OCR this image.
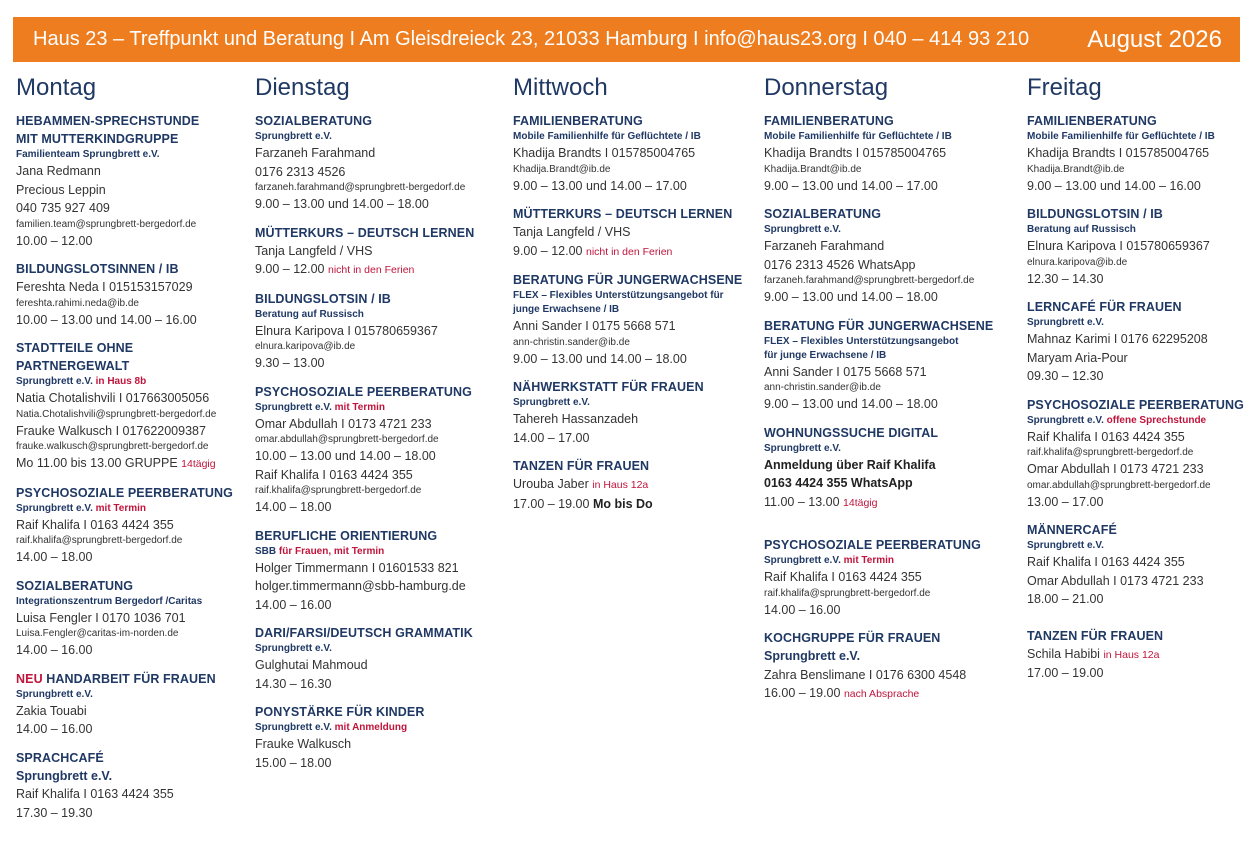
Haus 23 – Treffpunkt und Beratung I Am Gleisdreieck 23, 21033 Hamburg I info@haus23.org I 040 – 414 93 210 August 2026
Montag
HEBAMMEN-SPRECHSTUNDE
MIT MUTTERKINDGRUPPE
Familienteam Sprungbrett e.V.
Jana Redmann
Precious Leppin
040 735 927 409
familien.team@sprungbrett-bergedorf.de
10.00 – 12.00
BILDUNGSLOTSINNEN / IB
Fereshta Neda I 015153157029
fereshta.rahimi.neda@ib.de
10.00 – 13.00 und 14.00 – 16.00
STADTTEILE OHNE PARTNERGEWALT
Sprungbrett e.V. in Haus 8b
Natia Chotalishvili I 017663005056
Natia.Chotalishvili@sprungbrett-bergedorf.de
Frauke Walkusch I 017622009387
frauke.walkusch@sprungbrett-bergedorf.de
Mo 11.00 bis 13.00 GRUPPE 14tägig
PSYCHOSOZIALE PEERBERATUNG
Sprungbrett e.V. mit Termin
Raif Khalifa I 0163 4424 355
raif.khalifa@sprungbrett-bergedorf.de
14.00 – 18.00
SOZIALBERATUNG
Integrationszentrum Bergedorf /Caritas
Luisa Fengler I 0170 1036 701
Luisa.Fengler@caritas-im-norden.de
14.00 – 16.00
NEU HANDARBEIT FÜR FRAUEN
Sprungbrett e.V.
Zakia Touabi
14.00 – 16.00
SPRACHCAFÉ
Sprungbrett e.V.
Raif Khalifa I 0163 4424 355
17.30 – 19.30
Dienstag
SOZIALBERATUNG
Sprungbrett e.V.
Farzaneh Farahmand
0176 2313 4526
farzaneh.farahmand@sprungbrett-bergedorf.de
9.00 – 13.00 und 14.00 – 18.00
MÜTTERKURS – DEUTSCH LERNEN
Tanja Langfeld / VHS
9.00 – 12.00 nicht in den Ferien
BILDUNGSLOTSIN / IB
Beratung auf Russisch
Elnura Karipova I 015780659367
elnura.karipova@ib.de
9.30 – 13.00
PSYCHOSOZIALE PEERBERATUNG
Sprungbrett e.V. mit Termin
Omar Abdullah I 0173 4721 233
omar.abdullah@sprungbrett-bergedorf.de
10.00 – 13.00 und 14.00 – 18.00
Raif Khalifa I 0163 4424 355
raif.khalifa@sprungbrett-bergedorf.de
14.00 – 18.00
BERUFLICHE ORIENTIERUNG
SBB für Frauen, mit Termin
Holger Timmermann I 01601533 821
holger.timmermann@sbb-hamburg.de
14.00 – 16.00
DARI/FARSI/DEUTSCH GRAMMATIK
Sprungbrett e.V.
Gulghutai Mahmoud
14.30 – 16.30
PONYSTÄRKE FÜR KINDER
Sprungbrett e.V. mit Anmeldung
Frauke Walkusch
15.00 – 18.00
Mittwoch
FAMILIENBERATUNG
Mobile Familienhilfe für Geflüchtete / IB
Khadija Brandts I 015785004765
Khadija.Brandt@ib.de
9.00 – 13.00 und 14.00 – 17.00
MÜTTERKURS – DEUTSCH LERNEN
Tanja Langfeld / VHS
9.00 – 12.00 nicht in den Ferien
BERATUNG FÜR JUNGERWACHSENE
FLEX – Flexibles Unterstützungsangebot für
junge Erwachsene / IB
Anni Sander I 0175 5668 571
ann-christin.sander@ib.de
9.00 – 13.00 und 14.00 – 18.00
NÄHWERKSTATT FÜR FRAUEN
Sprungbrett e.V.
Tahereh Hassanzadeh
14.00 – 17.00
TANZEN FÜR FRAUEN
Urouba Jaber in Haus 12a
17.00 – 19.00 Mo bis Do
Donnerstag
FAMILIENBERATUNG
Mobile Familienhilfe für Geflüchtete / IB
Khadija Brandts I 015785004765
Khadija.Brandt@ib.de
9.00 – 13.00 und 14.00 – 17.00
SOZIALBERATUNG
Sprungbrett e.V.
Farzaneh Farahmand
0176 2313 4526 WhatsApp
farzaneh.farahmand@sprungbrett-bergedorf.de
9.00 – 13.00 und 14.00 – 18.00
BERATUNG FÜR JUNGERWACHSENE
FLEX – Flexibles Unterstützungsangebot
für junge Erwachsene / IB
Anni Sander I 0175 5668 571
ann-christin.sander@ib.de
9.00 – 13.00 und 14.00 – 18.00
WOHNUNGSSUCHE DIGITAL
Sprungbrett e.V.
Anmeldung über Raif Khalifa
0163 4424 355 WhatsApp
11.00 – 13.00 14tägig
PSYCHOSOZIALE PEERBERATUNG
Sprungbrett e.V. mit Termin
Raif Khalifa I 0163 4424 355
raif.khalifa@sprungbrett-bergedorf.de
14.00 – 16.00
KOCHGRUPPE FÜR FRAUEN
Sprungbrett e.V.
Zahra Benslimane I 0176 6300 4548
16.00 – 19.00 nach Absprache
Freitag
FAMILIENBERATUNG
Mobile Familienhilfe für Geflüchtete / IB
Khadija Brandts I 015785004765
Khadija.Brandt@ib.de
9.00 – 13.00 und 14.00 – 16.00
BILDUNGSLOTSIN / IB
Beratung auf Russisch
Elnura Karipova I 015780659367
elnura.karipova@ib.de
12.30 – 14.30
LERNCAFÉ FÜR FRAUEN
Sprungbrett e.V.
Mahnaz Karimi I 0176 62295208
Maryam Aria-Pour
09.30 – 12.30
PSYCHOSOZIALE PEERBERATUNG
Sprungbrett e.V. offene Sprechstunde
Raif Khalifa I 0163 4424 355
raif.khalifa@sprungbrett-bergedorf.de
Omar Abdullah I 0173 4721 233
omar.abdullah@sprungbrett-bergedorf.de
13.00 – 17.00
MÄNNERCAFÉ
Sprungbrett e.V.
Raif Khalifa I 0163 4424 355
Omar Abdullah I 0173 4721 233
18.00 – 21.00
TANZEN FÜR FRAUEN
Schila Habibi in Haus 12a
17.00 – 19.00
